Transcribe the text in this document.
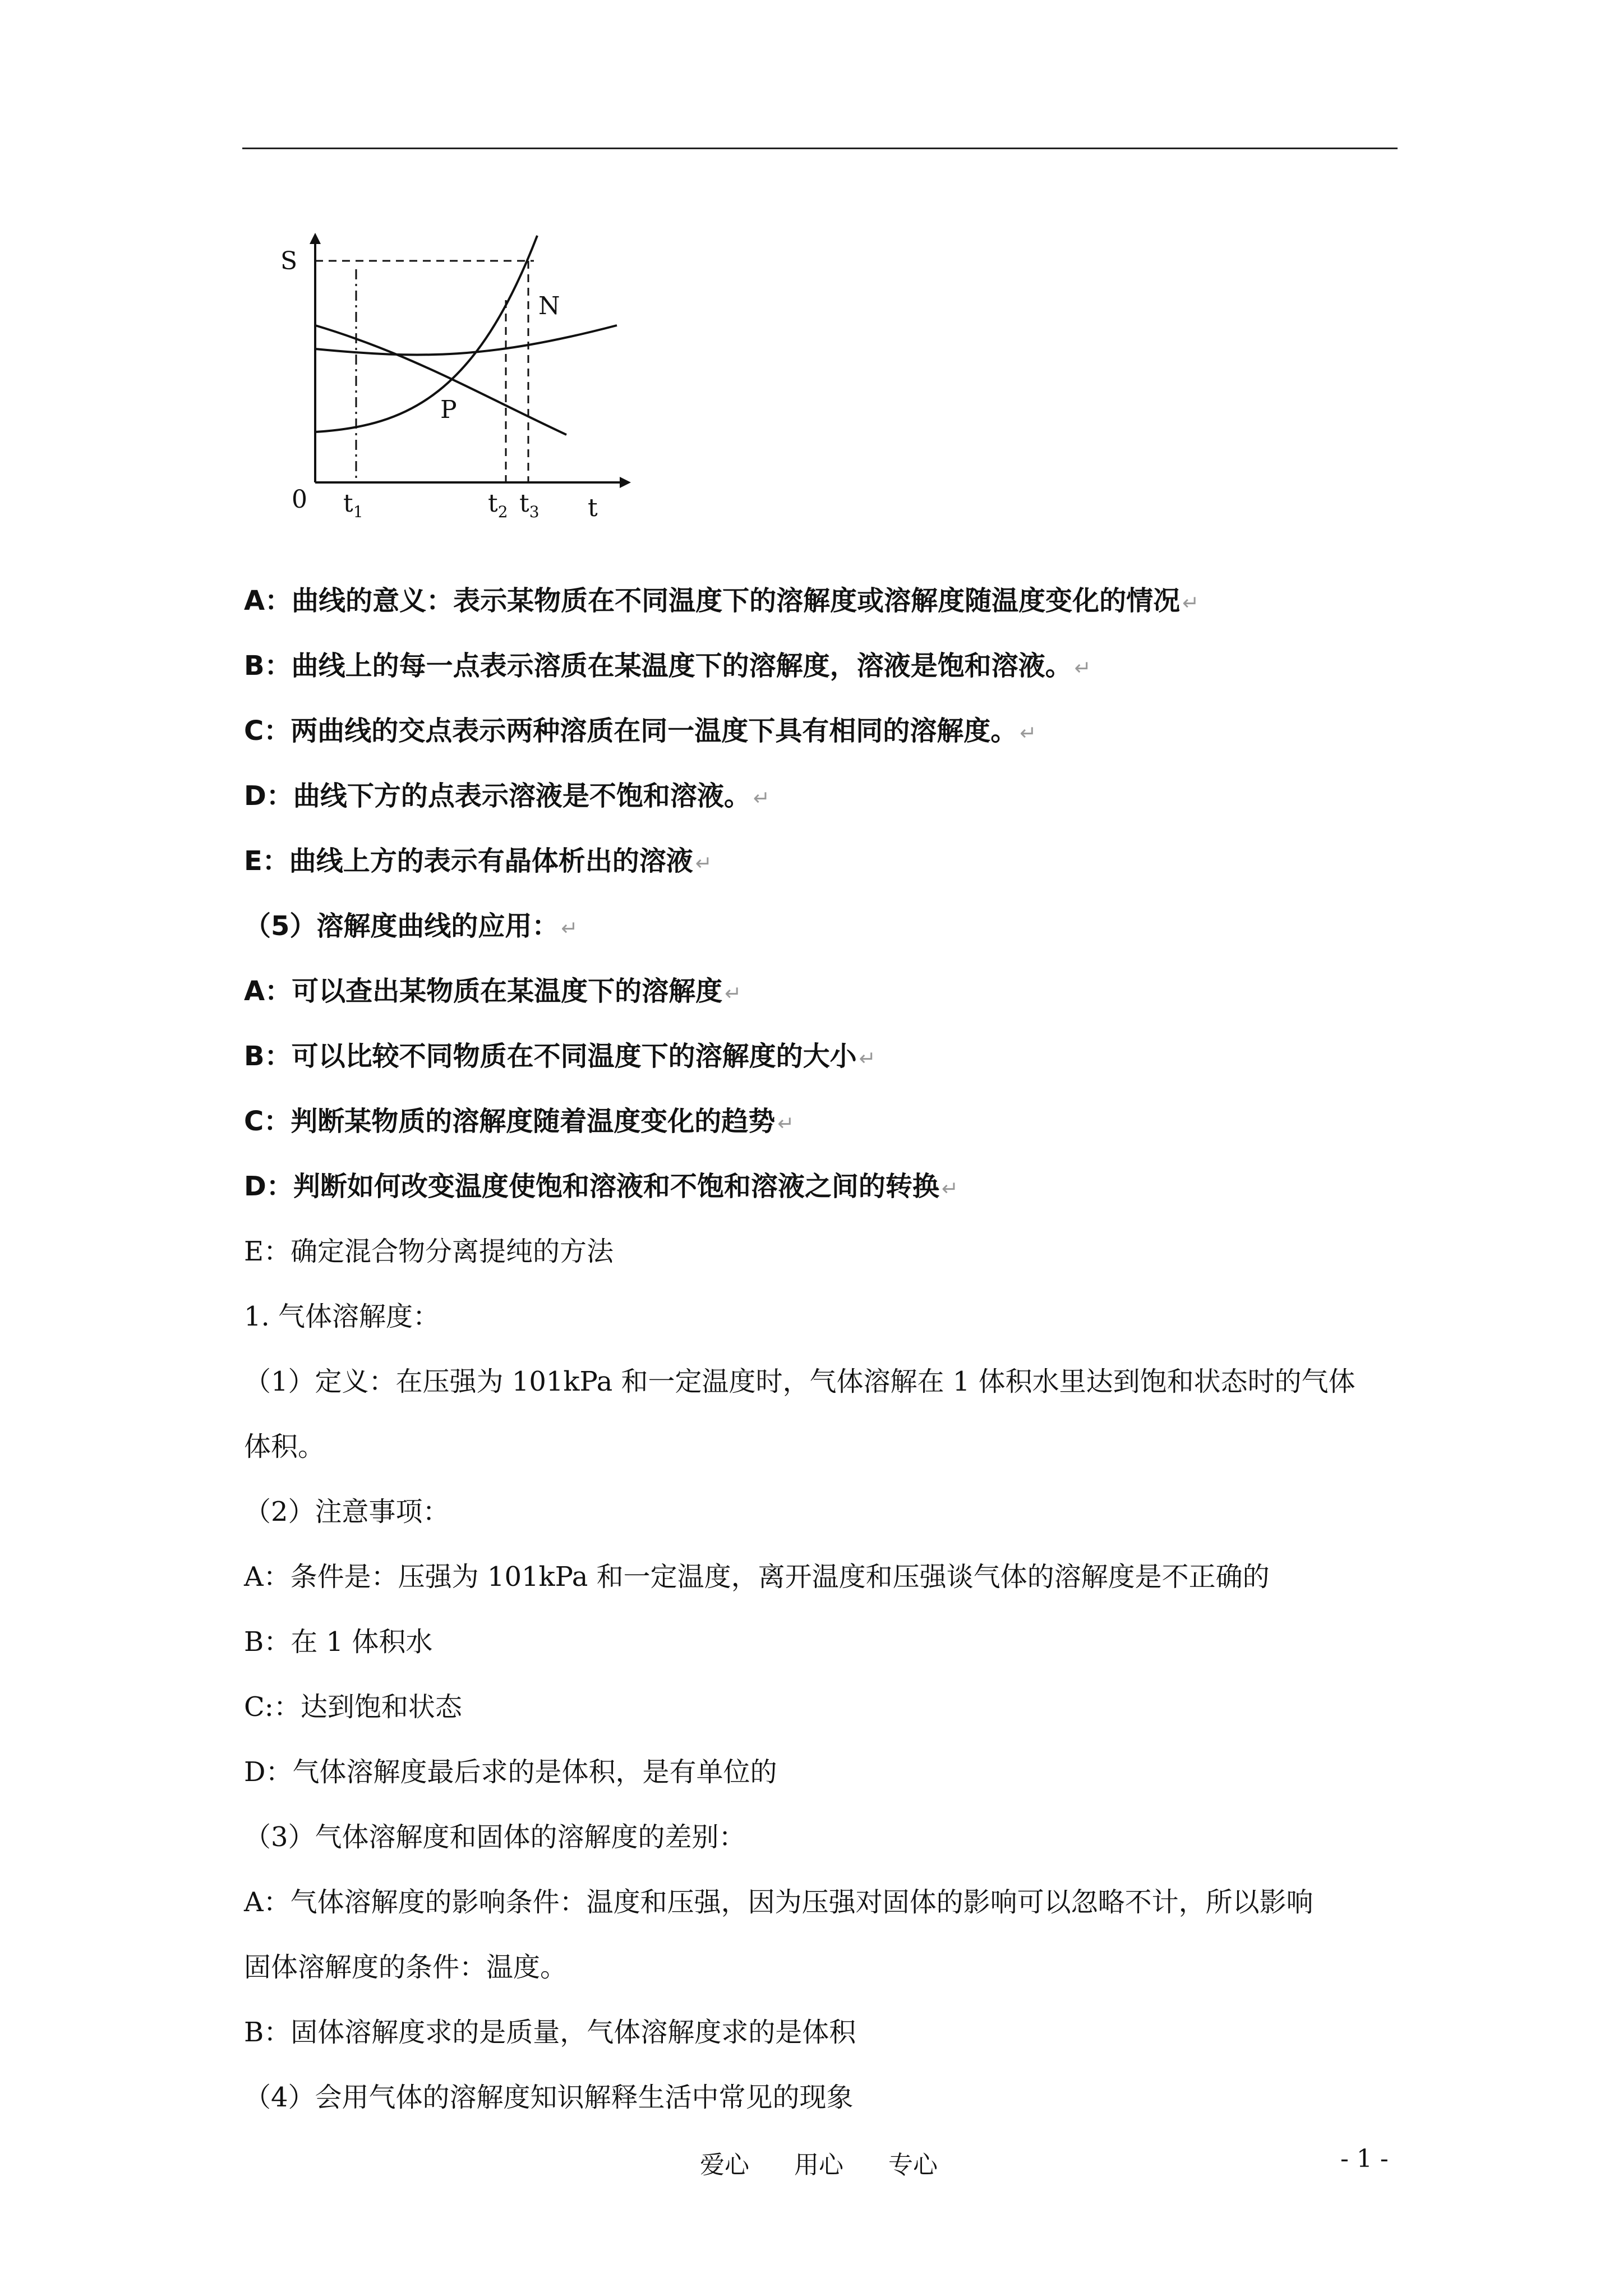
S
N
P
0 $t_1$	$t_2$ $t_3$ t
A：曲线的意义：表示某物质在不同温度下的溶解度或溶解度随温度变化的情况 ↵
B：曲线上的每一点表示溶质在某温度下的溶解度，溶液是饱和溶液。 ↵
C：两曲线的交点表示两种溶质在同一温度下具有相同的溶解度。 ↵
D：曲线下方的点表示溶液是不饱和溶液。 ↵
E：曲线上方的表示有晶体析出的溶液 ↵
（5）溶解度曲线的应用： ↵
A：可以查出某物质在某温度下的溶解度 ↵
B：可以比较不同物质在不同温度下的溶解度的大小 ↵
C：判断某物质的溶解度随着温度变化的趋势 ↵
D：判断如何改变温度使饱和溶液和不饱和溶液之间的转换 ↵
E：确定混合物分离提纯的方法
1. 气体溶解度：
（1）定义：在压强为 101kPa 和一定温度时，气体溶解在 1 体积水里达到饱和状态时的气体
体积。
（2）注意事项：
A：条件是：压强为 101kPa 和一定温度，离开温度和压强谈气体的溶解度是不正确的
B：在 1 体积水
C:：达到饱和状态
D：气体溶解度最后求的是体积，是有单位的
（3）气体溶解度和固体的溶解度的差别：
A：气体溶解度的影响条件：温度和压强，因为压强对固体的影响可以忽略不计，所以影响
固体溶解度的条件：温度。
B：固体溶解度求的是质量，气体溶解度求的是体积
（4）会用气体的溶解度知识解释生活中常见的现象
爱心 用心 专心	- 1 -
